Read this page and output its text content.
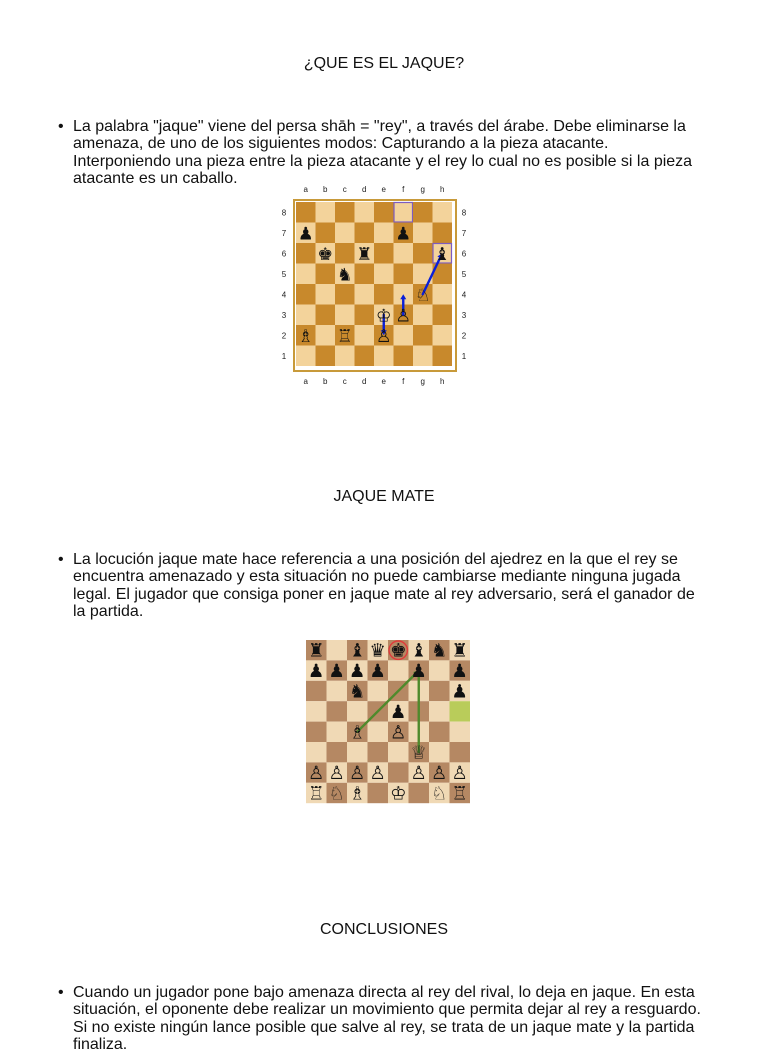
¿QUE ES EL JAQUE?
• La palabra "jaque" viene del persa shāh = "rey", a través del árabe. Debe eliminarse la amenaza, de uno de los siguientes modos: Capturando a la pieza atacante. Interponiendo una pieza entre la pieza atacante y el rey lo cual no es posible si la pieza atacante es un caballo.
a
a
b
b
c
c
d
d
e
e
f
f
g
g
h
h
8	8
7	7
6	6
5	5
4	4
3	3
2	2
1	1
♟	♟
♚ ♜	♝
♞
♘
♔ ♙
♗ ♖ ♙
JAQUE MATE
• La locución jaque mate hace referencia a una posición del ajedrez en la que el rey se encuentra amenazado y esta situación no puede cambiarse mediante ninguna jugada legal. El jugador que consiga poner en jaque mate al rey adversario, será el ganador de la partida.
♜ ♝ ♛ ♚ ♝ ♞ ♜
♟ ♟ ♟ ♟ ♟ ♟
♞	♟
♟
♗ ♙
♕
♙ ♙ ♙ ♙ ♙ ♙ ♙
♖ ♘ ♗ ♔ ♘ ♖
CONCLUSIONES
• Cuando un jugador pone bajo amenaza directa al rey del rival, lo deja en jaque. En esta situación, el oponente debe realizar un movimiento que permita dejar al rey a resguardo. Si no existe ningún lance posible que salve al rey, se trata de un jaque mate y la partida finaliza.
